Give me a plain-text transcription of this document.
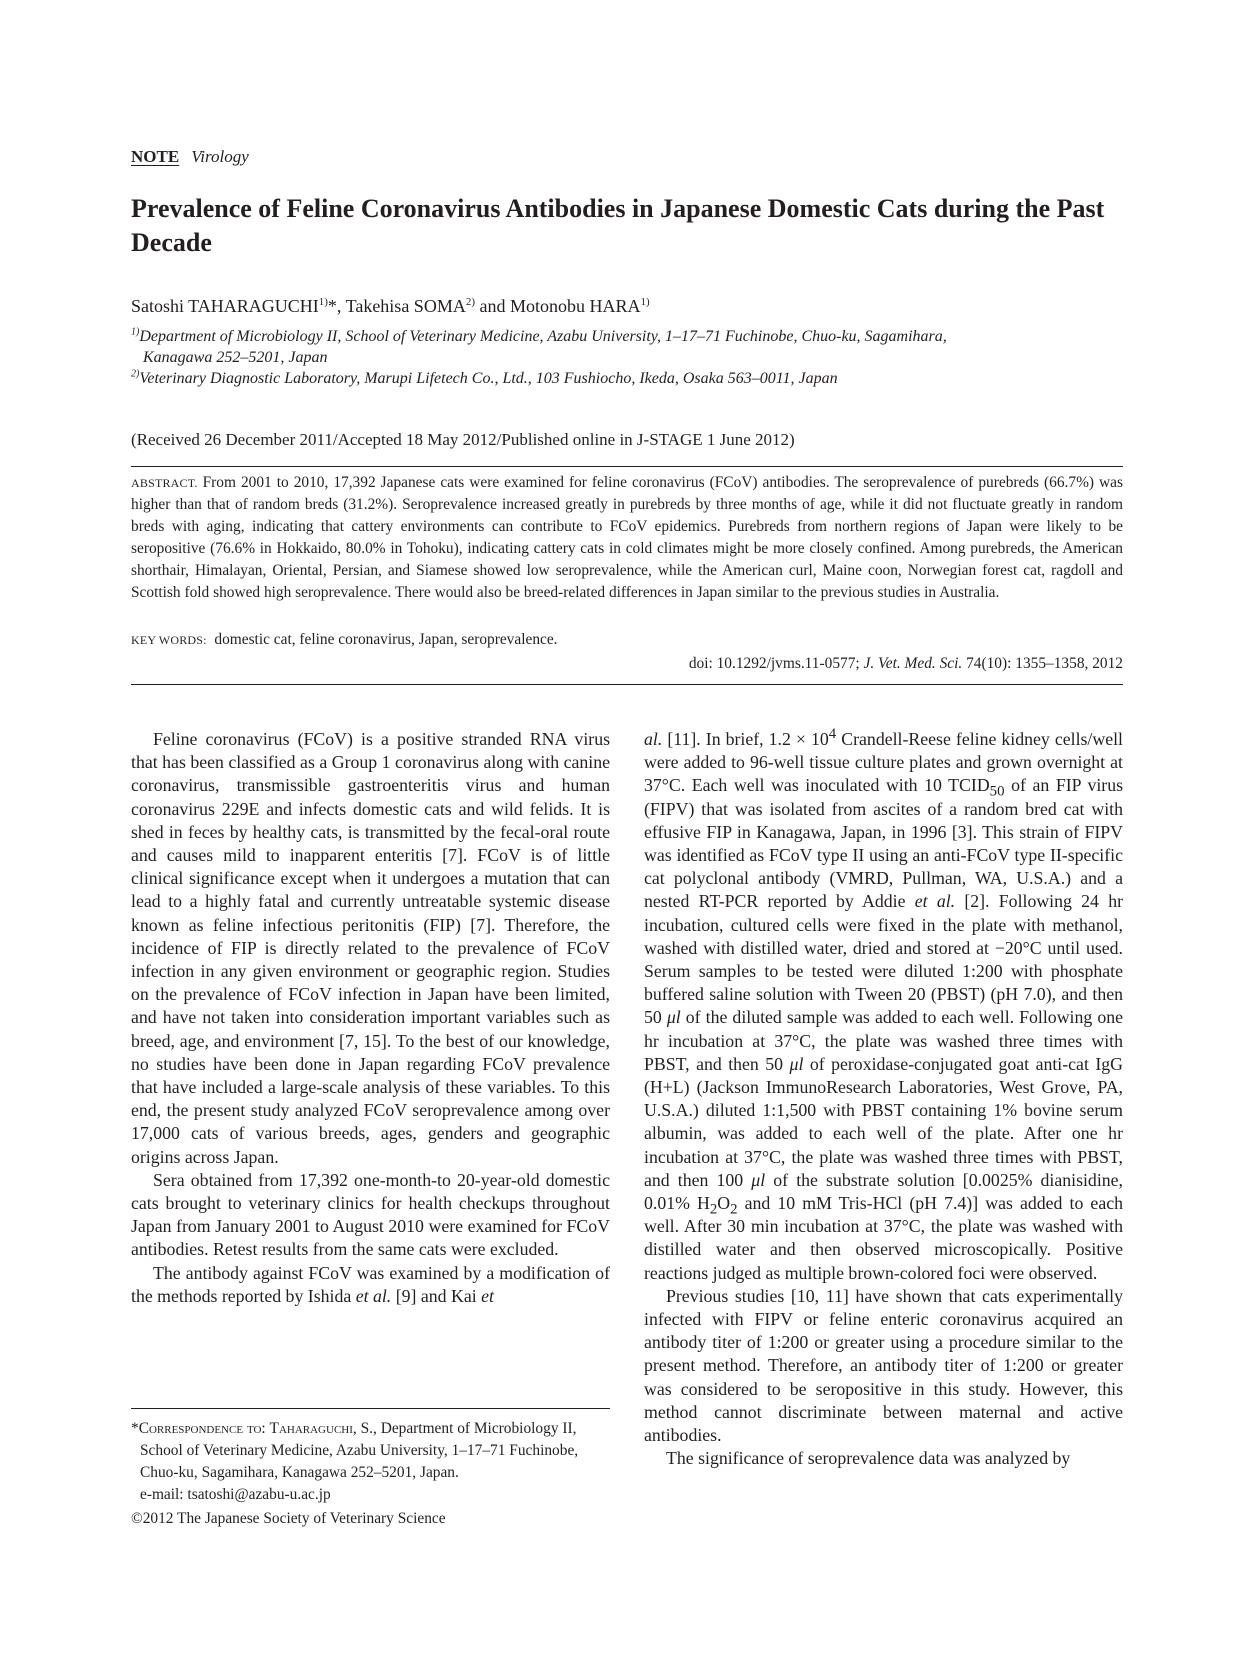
NOTE Virology
Prevalence of Feline Coronavirus Antibodies in Japanese Domestic Cats during the Past Decade
Satoshi TAHARAGUCHI$^{1)}$*, Takehisa SOMA$^{2)}$ and Motonobu HARA$^{1)}$
$^{1)}$Department of Microbiology II, School of Veterinary Medicine, Azabu University, 1–17–71 Fuchinobe, Chuo-ku, Sagamihara,
Kanagawa 252–5201, Japan
$^{2)}$Veterinary Diagnostic Laboratory, Marupi Lifetech Co., Ltd., 103 Fushiocho, Ikeda, Osaka 563–0011, Japan
(Received 26 December 2011/Accepted 18 May 2012/Published online in J-STAGE 1 June 2012)

ABSTRACT. From 2001 to 2010, 17,392 Japanese cats were examined for feline coronavirus (FCoV) antibodies. The seroprevalence of purebreds (66.7%) was higher than that of random breds (31.2%). Seroprevalence increased greatly in purebreds by three months of age, while it did not fluctuate greatly in random breds with aging, indicating that cattery environments can contribute to FCoV epidemics. Purebreds from northern regions of Japan were likely to be seropositive (76.6% in Hokkaido, 80.0% in Tohoku), indicating cattery cats in cold climates might be more closely confined. Among purebreds, the American shorthair, Himalayan, Oriental, Persian, and Siamese showed low seroprevalence, while the American curl, Maine coon, Norwegian forest cat, ragdoll and Scottish fold showed high seroprevalence. There would also be breed-related differences in Japan similar to the previous studies in Australia.

KEY WORDS: domestic cat, feline coronavirus, Japan, seroprevalence.
doi: 10.1292/jvms.11-0577; J. Vet. Med. Sci. 74(10): 1355–1358, 2012

Feline coronavirus (FCoV) is a positive stranded RNA virus that has been classified as a Group 1 coronavirus along with canine coronavirus, transmissible gastroenteritis virus and human coronavirus 229E and infects domestic cats and wild felids. It is shed in feces by healthy cats, is transmitted by the fecal-oral route and causes mild to inapparent enteritis [7]. FCoV is of little clinical significance except when it undergoes a mutation that can lead to a highly fatal and currently untreatable systemic disease known as feline infectious peritonitis (FIP) [7]. Therefore, the incidence of FIP is directly related to the prevalence of FCoV infection in any given environment or geographic region. Studies on the prevalence of FCoV infection in Japan have been limited, and have not taken into consideration important variables such as breed, age, and environment [7, 15]. To the best of our knowledge, no studies have been done in Japan regarding FCoV prevalence that have included a large-scale analysis of these variables. To this end, the present study analyzed FCoV seroprevalence among over 17,000 cats of various breeds, ages, genders and geographic origins across Japan.

Sera obtained from 17,392 one-month-to 20-year-old domestic cats brought to veterinary clinics for health checkups throughout Japan from January 2001 to August 2010 were examined for FCoV antibodies. Retest results from the same cats were excluded.

The antibody against FCoV was examined by a modification of the methods reported by Ishida et al. [9] and Kai et

*Correspondence to: Taharaguchi, S., Department of Microbiology II, School of Veterinary Medicine, Azabu University, 1–17–71 Fuchinobe, Chuo-ku, Sagamihara, Kanagawa 252–5201, Japan.
e-mail: tsatoshi@azabu-u.ac.jp

©2012 The Japanese Society of Veterinary Science

al. [11]. In brief, $1.2 \times 10^4$ Crandell-Reese feline kidney cells/well were added to 96-well tissue culture plates and grown overnight at 37°C. Each well was inoculated with 10 $TCID_{50}$ of an FIP virus (FIPV) that was isolated from ascites of a random bred cat with effusive FIP in Kanagawa, Japan, in 1996 [3]. This strain of FIPV was identified as FCoV type II using an anti-FCoV type II-specific cat polyclonal antibody (VMRD, Pullman, WA, U.S.A.) and a nested RT-PCR reported by Addie et al. [2]. Following 24 hr incubation, cultured cells were fixed in the plate with methanol, washed with distilled water, dried and stored at −20°C until used. Serum samples to be tested were diluted 1:200 with phosphate buffered saline solution with Tween 20 (PBST) (pH 7.0), and then 50 μl of the diluted sample was added to each well. Following one hr incubation at 37°C, the plate was washed three times with PBST, and then 50 μl of peroxidase-conjugated goat anti-cat IgG (H+L) (Jackson ImmunoResearch Laboratories, West Grove, PA, U.S.A.) diluted 1:1,500 with PBST containing 1% bovine serum albumin, was added to each well of the plate. After one hr incubation at 37°C, the plate was washed three times with PBST, and then 100 μl of the substrate solution [0.0025% dianisidine, 0.01% $H_2O_2$ and 10 mM Tris-HCl (pH 7.4)] was added to each well. After 30 min incubation at 37°C, the plate was washed with distilled water and then observed microscopically. Positive reactions judged as multiple brown-colored foci were observed.

Previous studies [10, 11] have shown that cats experimentally infected with FIPV or feline enteric coronavirus acquired an antibody titer of 1:200 or greater using a procedure similar to the present method. Therefore, an antibody titer of 1:200 or greater was considered to be seropositive in this study. However, this method cannot discriminate between maternal and active antibodies.

The significance of seroprevalence data was analyzed by
